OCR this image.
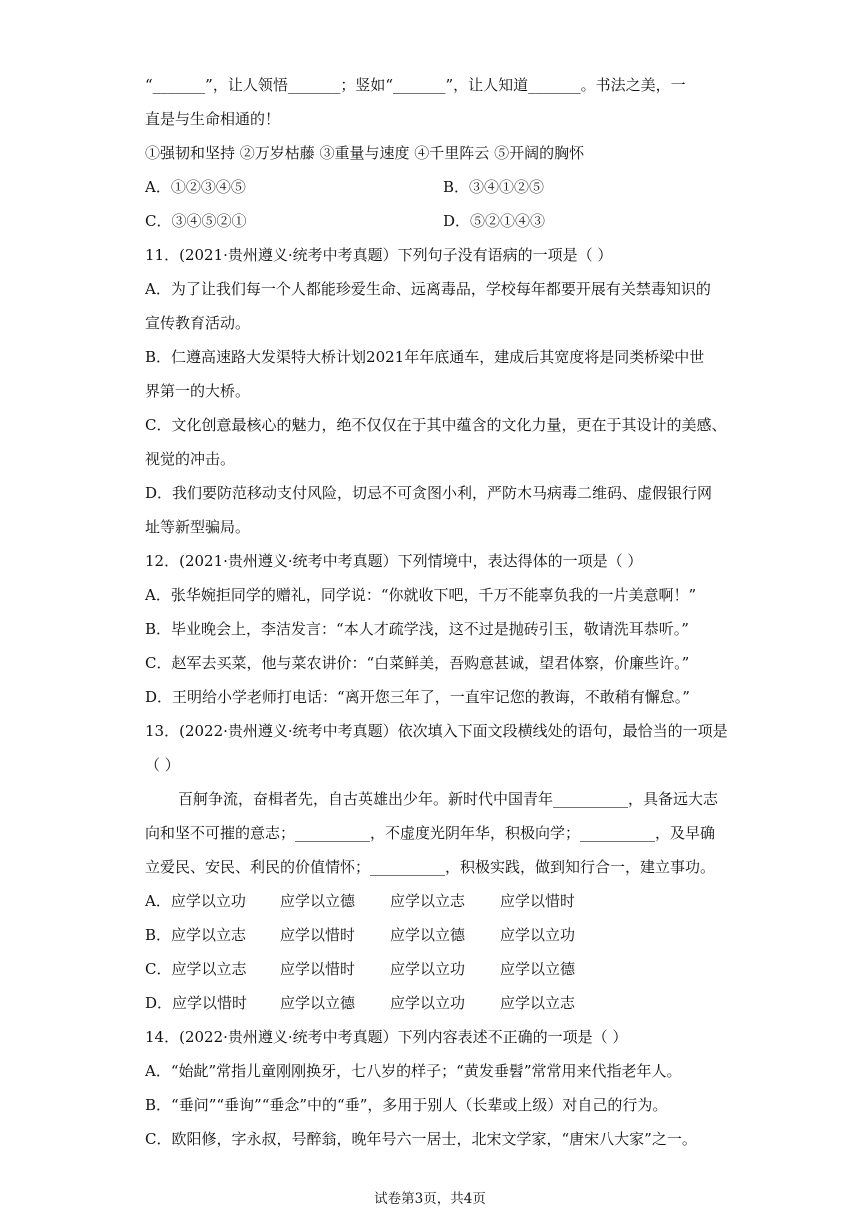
“_______”，让人领悟_______；竖如“_______”，让人知道_______。书法之美，一
直是与生命相通的！
①强韧和坚持 ②万岁枯藤 ③重量与速度 ④千里阵云 ⑤开阔的胸怀
A．①②③④⑤	B．③④①②⑤
C．③④⑤②①	D．⑤②①④③
11．(2021·贵州遵义·统考中考真题）下列句子没有语病的一项是（ ）
A．为了让我们每一个人都能珍爱生命、远离毒品，学校每年都要开展有关禁毒知识的
宣传教育活动。
B．仁遵高速路大发渠特大桥计划2021年年底通车，建成后其宽度将是同类桥梁中世
界第一的大桥。
C．文化创意最核心的魅力，绝不仅仅在于其中蕴含的文化力量，更在于其设计的美感、
视觉的冲击。
D．我们要防范移动支付风险，切忌不可贪图小利，严防木马病毒二维码、虚假银行网
址等新型骗局。
12．(2021·贵州遵义·统考中考真题）下列情境中，表达得体的一项是（ ）
A．张华婉拒同学的赠礼，同学说：“你就收下吧，千万不能辜负我的一片美意啊！”
B．毕业晚会上，李洁发言：“本人才疏学浅，这不过是抛砖引玉，敬请洗耳恭听。”
C．赵军去买菜，他与菜农讲价：“白菜鲜美，吾购意甚诚，望君体察，价廉些许。”
D．王明给小学老师打电话：“离开您三年了，一直牢记您的教诲，不敢稍有懈怠。”
13．(2022·贵州遵义·统考中考真题）依次填入下面文段横线处的语句，最恰当的一项是
（ ）
百舸争流，奋楫者先，自古英雄出少年。新时代中国青年__________，具备远大志
向和坚不可摧的意志；__________，不虚度光阴年华，积极向学；__________，及早确
立爱民、安民、利民的价值情怀；__________，积极实践，做到知行合一，建立事功。
A．应学以立功 应学以立德 应学以立志 应学以惜时
B．应学以立志 应学以惜时 应学以立德 应学以立功
C．应学以立志 应学以惜时 应学以立功 应学以立德
D．应学以惜时 应学以立德 应学以立功 应学以立志
14．(2022·贵州遵义·统考中考真题）下列内容表述不正确的一项是（ ）
A．“始龀”常指儿童刚刚换牙，七八岁的样子；“黄发垂髫”常常用来代指老年人。
B．“垂问”“垂询”“垂念”中的“垂”，多用于别人（长辈或上级）对自己的行为。
C．欧阳修，字永叔，号醉翁，晚年号六一居士，北宋文学家，“唐宋八大家”之一。
试卷第3页，共4页
